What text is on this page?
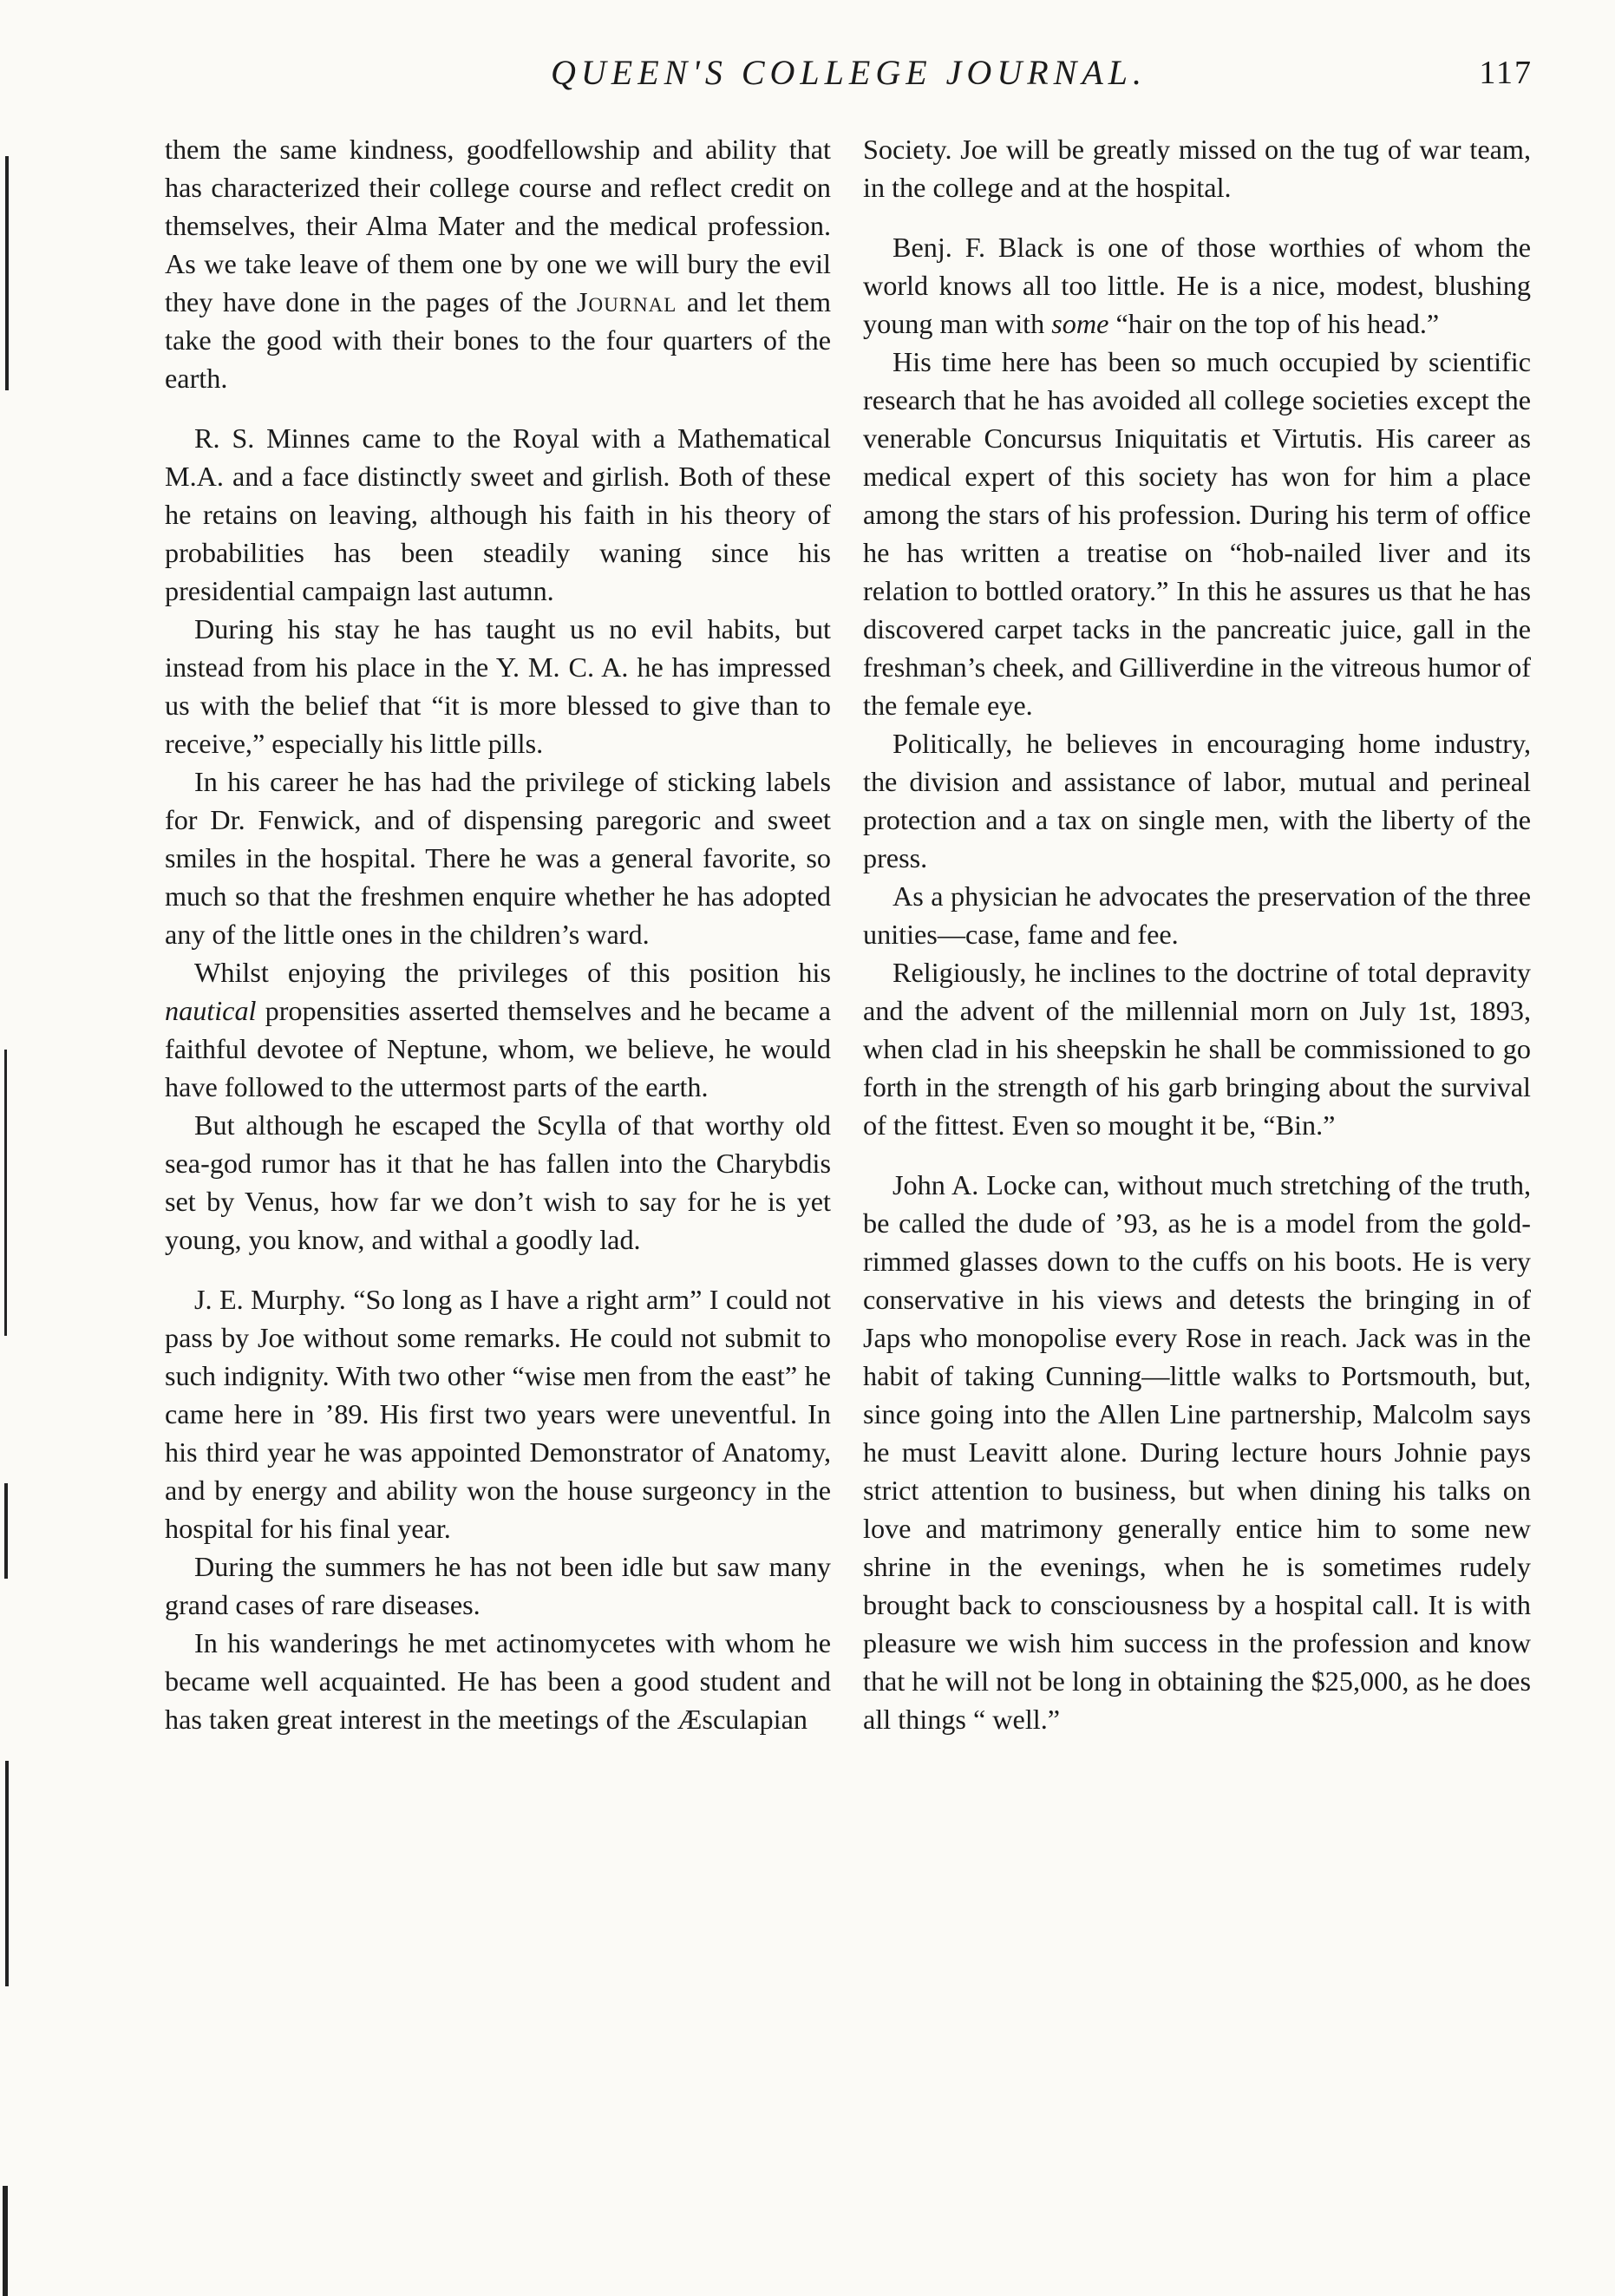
QUEEN'S COLLEGE JOURNAL.	117

them the same kindness, goodfellowship and ability that has characterized their college course and reflect credit on themselves, their Alma Mater and the medical profession. As we take leave of them one by one we will bury the evil they have done in the pages of the Journal and let them take the good with their bones to the four quarters of the earth.

R. S. Minnes came to the Royal with a Mathematical M.A. and a face distinctly sweet and girlish. Both of these he retains on leaving, although his faith in his theory of probabilities has been steadily waning since his presidential campaign last autumn.

During his stay he has taught us no evil habits, but instead from his place in the Y. M. C. A. he has impressed us with the belief that “it is more blessed to give than to receive,” especially his little pills.

In his career he has had the privilege of sticking labels for Dr. Fenwick, and of dispensing paregoric and sweet smiles in the hospital. There he was a general favorite, so much so that the freshmen enquire whether he has adopted any of the little ones in the children’s ward.

Whilst enjoying the privileges of this position his nautical propensities asserted themselves and he became a faithful devotee of Neptune, whom, we believe, he would have followed to the uttermost parts of the earth.

But although he escaped the Scylla of that worthy old sea-god rumor has it that he has fallen into the Charybdis set by Venus, how far we don’t wish to say for he is yet young, you know, and withal a goodly lad.

J. E. Murphy. “So long as I have a right arm” I could not pass by Joe without some remarks. He could not submit to such indignity. With two other “wise men from the east” he came here in ’89. His first two years were uneventful. In his third year he was appointed Demonstrator of Anatomy, and by energy and ability won the house surgeoncy in the hospital for his final year.

During the summers he has not been idle but saw many grand cases of rare diseases.

In his wanderings he met actinomycetes with whom he became well acquainted. He has been a good student and has taken great interest in the meetings of the Æsculapian

Society. Joe will be greatly missed on the tug of war team, in the college and at the hospital.

Benj. F. Black is one of those worthies of whom the world knows all too little. He is a nice, modest, blushing young man with some “hair on the top of his head.”

His time here has been so much occupied by scientific research that he has avoided all college societies except the venerable Concursus Iniquitatis et Virtutis. His career as medical expert of this society has won for him a place among the stars of his profession. During his term of office he has written a treatise on “hob-nailed liver and its relation to bottled oratory.” In this he assures us that he has discovered carpet tacks in the pancreatic juice, gall in the freshman’s cheek, and Gilliverdine in the vitreous humor of the female eye.

Politically, he believes in encouraging home industry, the division and assistance of labor, mutual and perineal protection and a tax on single men, with the liberty of the press.

As a physician he advocates the preservation of the three unities—case, fame and fee.

Religiously, he inclines to the doctrine of total depravity and the advent of the millennial morn on July 1st, 1893, when clad in his sheepskin he shall be commissioned to go forth in the strength of his garb bringing about the survival of the fittest. Even so mought it be, “Bin.”

John A. Locke can, without much stretching of the truth, be called the dude of ’93, as he is a model from the gold-rimmed glasses down to the cuffs on his boots. He is very conservative in his views and detests the bringing in of Japs who monopolise every Rose in reach. Jack was in the habit of taking Cunning—little walks to Portsmouth, but, since going into the Allen Line partnership, Malcolm says he must Leavitt alone. During lecture hours Johnie pays strict attention to business, but when dining his talks on love and matrimony generally entice him to some new shrine in the evenings, when he is sometimes rudely brought back to consciousness by a hospital call. It is with pleasure we wish him success in the profession and know that he will not be long in obtaining the $25,000, as he does all things “ well.”
